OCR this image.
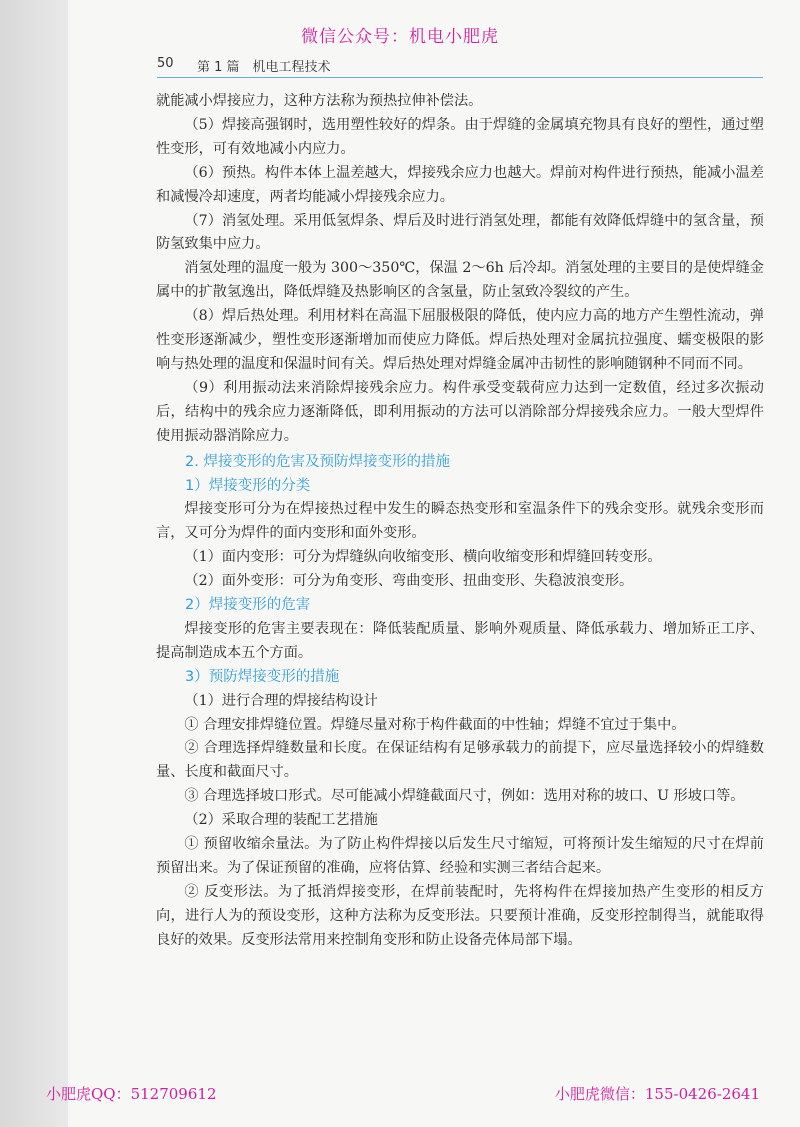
微信公众号：机电小肥虎
50 第 1 篇　机电工程技术

就能减小焊接应力，这种方法称为预热拉伸补偿法。

（5）焊接高强钢时，选用塑性较好的焊条。由于焊缝的金属填充物具有良好的塑性，通过塑性变形，可有效地减小内应力。

（6）预热。构件本体上温差越大，焊接残余应力也越大。焊前对构件进行预热，能减小温差和减慢冷却速度，两者均能减小焊接残余应力。

（7）消氢处理。采用低氢焊条、焊后及时进行消氢处理，都能有效降低焊缝中的氢含量，预防氢致集中应力。

消氢处理的温度一般为 300～350℃，保温 2～6h 后冷却。消氢处理的主要目的是使焊缝金属中的扩散氢逸出，降低焊缝及热影响区的含氢量，防止氢致冷裂纹的产生。

（8）焊后热处理。利用材料在高温下屈服极限的降低，使内应力高的地方产生塑性流动，弹性变形逐渐减少，塑性变形逐渐增加而使应力降低。焊后热处理对金属抗拉强度、蠕变极限的影响与热处理的温度和保温时间有关。焊后热处理对焊缝金属冲击韧性的影响随钢种不同而不同。

（9）利用振动法来消除焊接残余应力。构件承受变载荷应力达到一定数值，经过多次振动后，结构中的残余应力逐渐降低，即利用振动的方法可以消除部分焊接残余应力。一般大型焊件使用振动器消除应力。

2. 焊接变形的危害及预防焊接变形的措施
1）焊接变形的分类

焊接变形可分为在焊接热过程中发生的瞬态热变形和室温条件下的残余变形。就残余变形而言，又可分为焊件的面内变形和面外变形。

（1）面内变形：可分为焊缝纵向收缩变形、横向收缩变形和焊缝回转变形。

（2）面外变形：可分为角变形、弯曲变形、扭曲变形、失稳波浪变形。

2）焊接变形的危害

焊接变形的危害主要表现在：降低装配质量、影响外观质量、降低承载力、增加矫正工序、提高制造成本五个方面。

3）预防焊接变形的措施

（1）进行合理的焊接结构设计

① 合理安排焊缝位置。焊缝尽量对称于构件截面的中性轴；焊缝不宜过于集中。

② 合理选择焊缝数量和长度。在保证结构有足够承载力的前提下，应尽量选择较小的焊缝数量、长度和截面尺寸。

③ 合理选择坡口形式。尽可能减小焊缝截面尺寸，例如：选用对称的坡口、U 形坡口等。

（2）采取合理的装配工艺措施

① 预留收缩余量法。为了防止构件焊接以后发生尺寸缩短，可将预计发生缩短的尺寸在焊前预留出来。为了保证预留的准确，应将估算、经验和实测三者结合起来。

② 反变形法。为了抵消焊接变形，在焊前装配时，先将构件在焊接加热产生变形的相反方向，进行人为的预设变形，这种方法称为反变形法。只要预计准确，反变形控制得当，就能取得良好的效果。反变形法常用来控制角变形和防止设备壳体局部下塌。

小肥虎QQ：512709612	小肥虎微信：155-0426-2641
